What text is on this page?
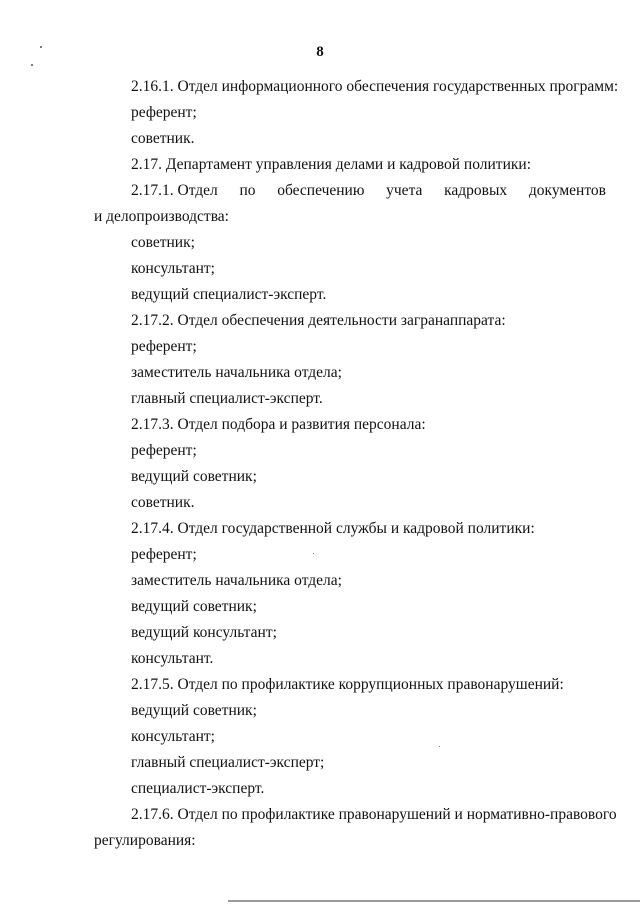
8
2.16.1. Отдел информационного обеспечения государственных программ:
референт;
советник.
2.17. Департамент управления делами и кадровой политики:
2.17.1. Отдел по обеспечению учета кадровых документов
и делопроизводства:
советник;
консультант;
ведущий специалист-эксперт.
2.17.2. Отдел обеспечения деятельности загранаппарата:
референт;
заместитель начальника отдела;
главный специалист-эксперт.
2.17.3. Отдел подбора и развития персонала:
референт;
ведущий советник;
советник.
2.17.4. Отдел государственной службы и кадровой политики:
референт;
заместитель начальника отдела;
ведущий советник;
ведущий консультант;
консультант.
2.17.5. Отдел по профилактике коррупционных правонарушений:
ведущий советник;
консультант;
главный специалист-эксперт;
специалист-эксперт.
2.17.6. Отдел по профилактике правонарушений и нормативно-правового
регулирования:
